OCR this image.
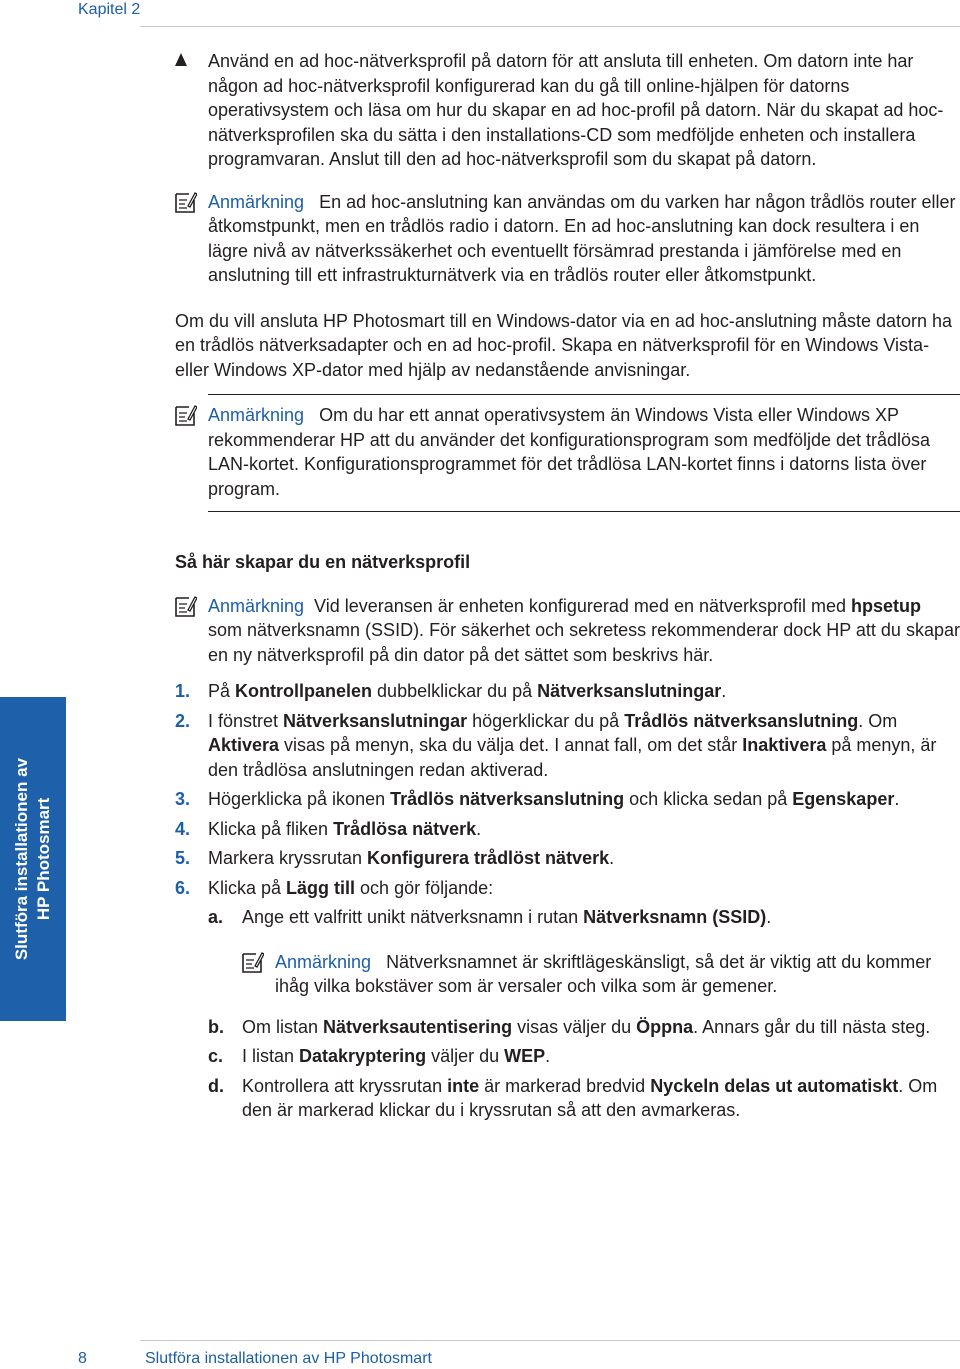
Kapitel 2
Slutföra installationen av HP Photosmart
Använd en ad hoc-nätverksprofil på datorn för att ansluta till enheten. Om datorn inte har någon ad hoc-nätverksprofil konfigurerad kan du gå till online-hjälpen för datorns operativsystem och läsa om hur du skapar en ad hoc-profil på datorn. När du skapat ad hoc-nätverksprofilen ska du sätta i den installations-CD som medföljde enheten och installera programvaran. Anslut till den ad hoc-nätverksprofil som du skapat på datorn.
Anmärkning En ad hoc-anslutning kan användas om du varken har någon trådlös router eller åtkomstpunkt, men en trådlös radio i datorn. En ad hoc-anslutning kan dock resultera i en lägre nivå av nätverkssäkerhet och eventuellt försämrad prestanda i jämförelse med en anslutning till ett infrastrukturnätverk via en trådlös router eller åtkomstpunkt.
Om du vill ansluta HP Photosmart till en Windows-dator via en ad hoc-anslutning måste datorn ha en trådlös nätverksadapter och en ad hoc-profil. Skapa en nätverksprofil för en Windows Vista- eller Windows XP-dator med hjälp av nedanstående anvisningar.
Anmärkning Om du har ett annat operativsystem än Windows Vista eller Windows XP rekommenderar HP att du använder det konfigurationsprogram som medföljde det trådlösa LAN-kortet. Konfigurationsprogrammet för det trådlösa LAN-kortet finns i datorns lista över program.
Så här skapar du en nätverksprofil
Anmärkning Vid leveransen är enheten konfigurerad med en nätverksprofil med hpsetup som nätverksnamn (SSID). För säkerhet och sekretess rekommenderar dock HP att du skapar en ny nätverksprofil på din dator på det sättet som beskrivs här.
1. På Kontrollpanelen dubbelklickar du på Nätverksanslutningar.
2. I fönstret Nätverksanslutningar högerklickar du på Trådlös nätverksanslutning. Om Aktivera visas på menyn, ska du välja det. I annat fall, om det står Inaktivera på menyn, är den trådlösa anslutningen redan aktiverad.
3. Högerklicka på ikonen Trådlös nätverksanslutning och klicka sedan på Egenskaper.
4. Klicka på fliken Trådlösa nätverk.
5. Markera kryssrutan Konfigurera trådlöst nätverk.
6. Klicka på Lägg till och gör följande:
a. Ange ett valfritt unikt nätverksnamn i rutan Nätverksnamn (SSID).
Anmärkning Nätverksnamnet är skriftlägeskänsligt, så det är viktig att du kommer ihåg vilka bokstäver som är versaler och vilka som är gemener.
b. Om listan Nätverksautentisering visas väljer du Öppna. Annars går du till nästa steg.
c. I listan Datakryptering väljer du WEP.
d. Kontrollera att kryssrutan inte är markerad bredvid Nyckeln delas ut automatiskt. Om den är markerad klickar du i kryssrutan så att den avmarkeras.
8	Slutföra installationen av HP Photosmart
